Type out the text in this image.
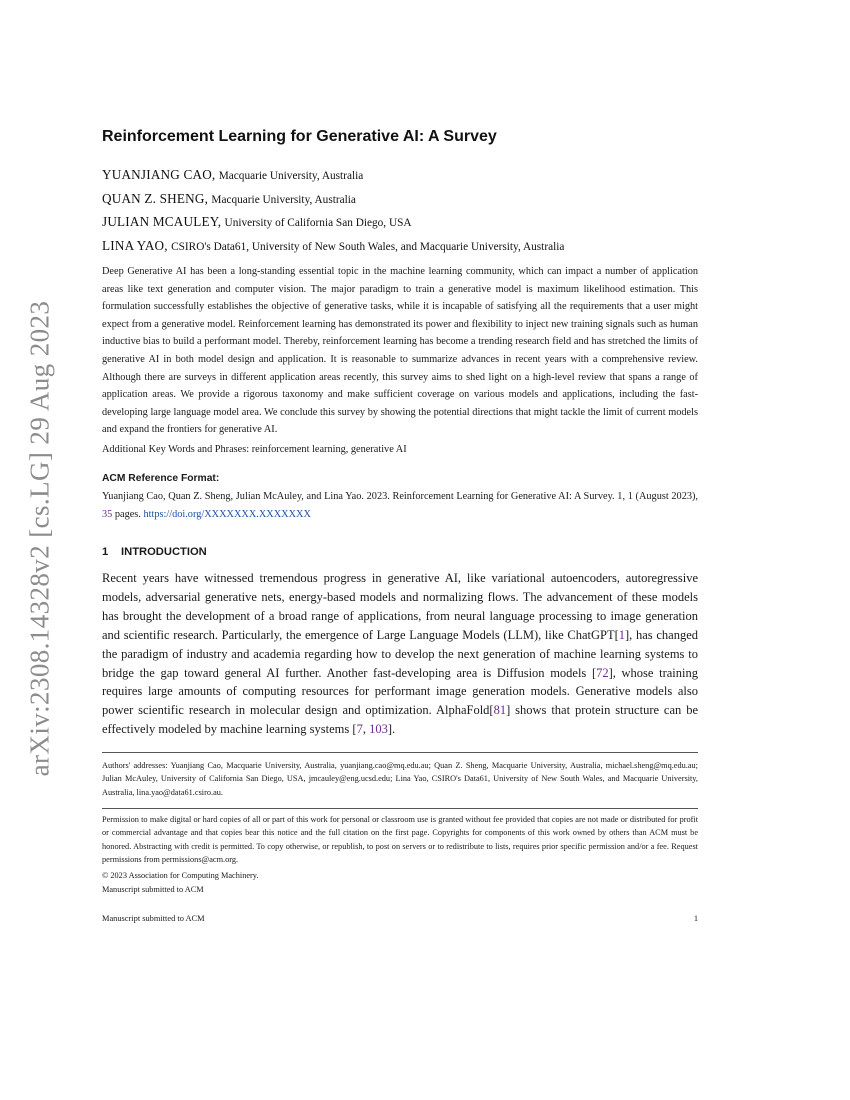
arXiv:2308.14328v2 [cs.LG] 29 Aug 2023
Reinforcement Learning for Generative AI: A Survey
YUANJIANG CAO, Macquarie University, Australia
QUAN Z. SHENG, Macquarie University, Australia
JULIAN MCAULEY, University of California San Diego, USA
LINA YAO, CSIRO's Data61, University of New South Wales, and Macquarie University, Australia

Deep Generative AI has been a long-standing essential topic in the machine learning community, which can impact a number of application areas like text generation and computer vision. The major paradigm to train a generative model is maximum likelihood estimation. This formulation successfully establishes the objective of generative tasks, while it is incapable of satisfying all the requirements that a user might expect from a generative model. Reinforcement learning has demonstrated its power and flexibility to inject new training signals such as human inductive bias to build a performant model. Thereby, reinforcement learning has become a trending research field and has stretched the limits of generative AI in both model design and application. It is reasonable to summarize advances in recent years with a comprehensive review. Although there are surveys in different application areas recently, this survey aims to shed light on a high-level review that spans a range of application areas. We provide a rigorous taxonomy and make sufficient coverage on various models and applications, including the fast-developing large language model area. We conclude this survey by showing the potential directions that might tackle the limit of current models and expand the frontiers for generative AI.

Additional Key Words and Phrases: reinforcement learning, generative AI
ACM Reference Format:

Yuanjiang Cao, Quan Z. Sheng, Julian McAuley, and Lina Yao. 2023. Reinforcement Learning for Generative AI: A Survey. 1, 1 (August 2023), 35 pages. https://doi.org/XXXXXXX.XXXXXXX

1 INTRODUCTION

Recent years have witnessed tremendous progress in generative AI, like variational autoencoders, autoregressive models, adversarial generative nets, energy-based models and normalizing flows. The advancement of these models has brought the development of a broad range of applications, from neural language processing to image generation and scientific research. Particularly, the emergence of Large Language Models (LLM), like ChatGPT[1], has changed the paradigm of industry and academia regarding how to develop the next generation of machine learning systems to bridge the gap toward general AI further. Another fast-developing area is Diffusion models [72], whose training requires large amounts of computing resources for performant image generation models. Generative models also power scientific research in molecular design and optimization. AlphaFold[81] shows that protein structure can be effectively modeled by machine learning systems [7, 103].

Authors' addresses: Yuanjiang Cao, Macquarie University, Australia, yuanjiang.cao@mq.edu.au; Quan Z. Sheng, Macquarie University, Australia, michael.sheng@mq.edu.au; Julian McAuley, University of California San Diego, USA, jmcauley@eng.ucsd.edu; Lina Yao, CSIRO's Data61, University of New South Wales, and Macquarie University, Australia, lina.yao@data61.csiro.au.

Permission to make digital or hard copies of all or part of this work for personal or classroom use is granted without fee provided that copies are not made or distributed for profit or commercial advantage and that copies bear this notice and the full citation on the first page. Copyrights for components of this work owned by others than ACM must be honored. Abstracting with credit is permitted. To copy otherwise, or republish, to post on servers or to redistribute to lists, requires prior specific permission and/or a fee. Request permissions from permissions@acm.org.

© 2023 Association for Computing Machinery.

Manuscript submitted to ACM

Manuscript submitted to ACM	1
